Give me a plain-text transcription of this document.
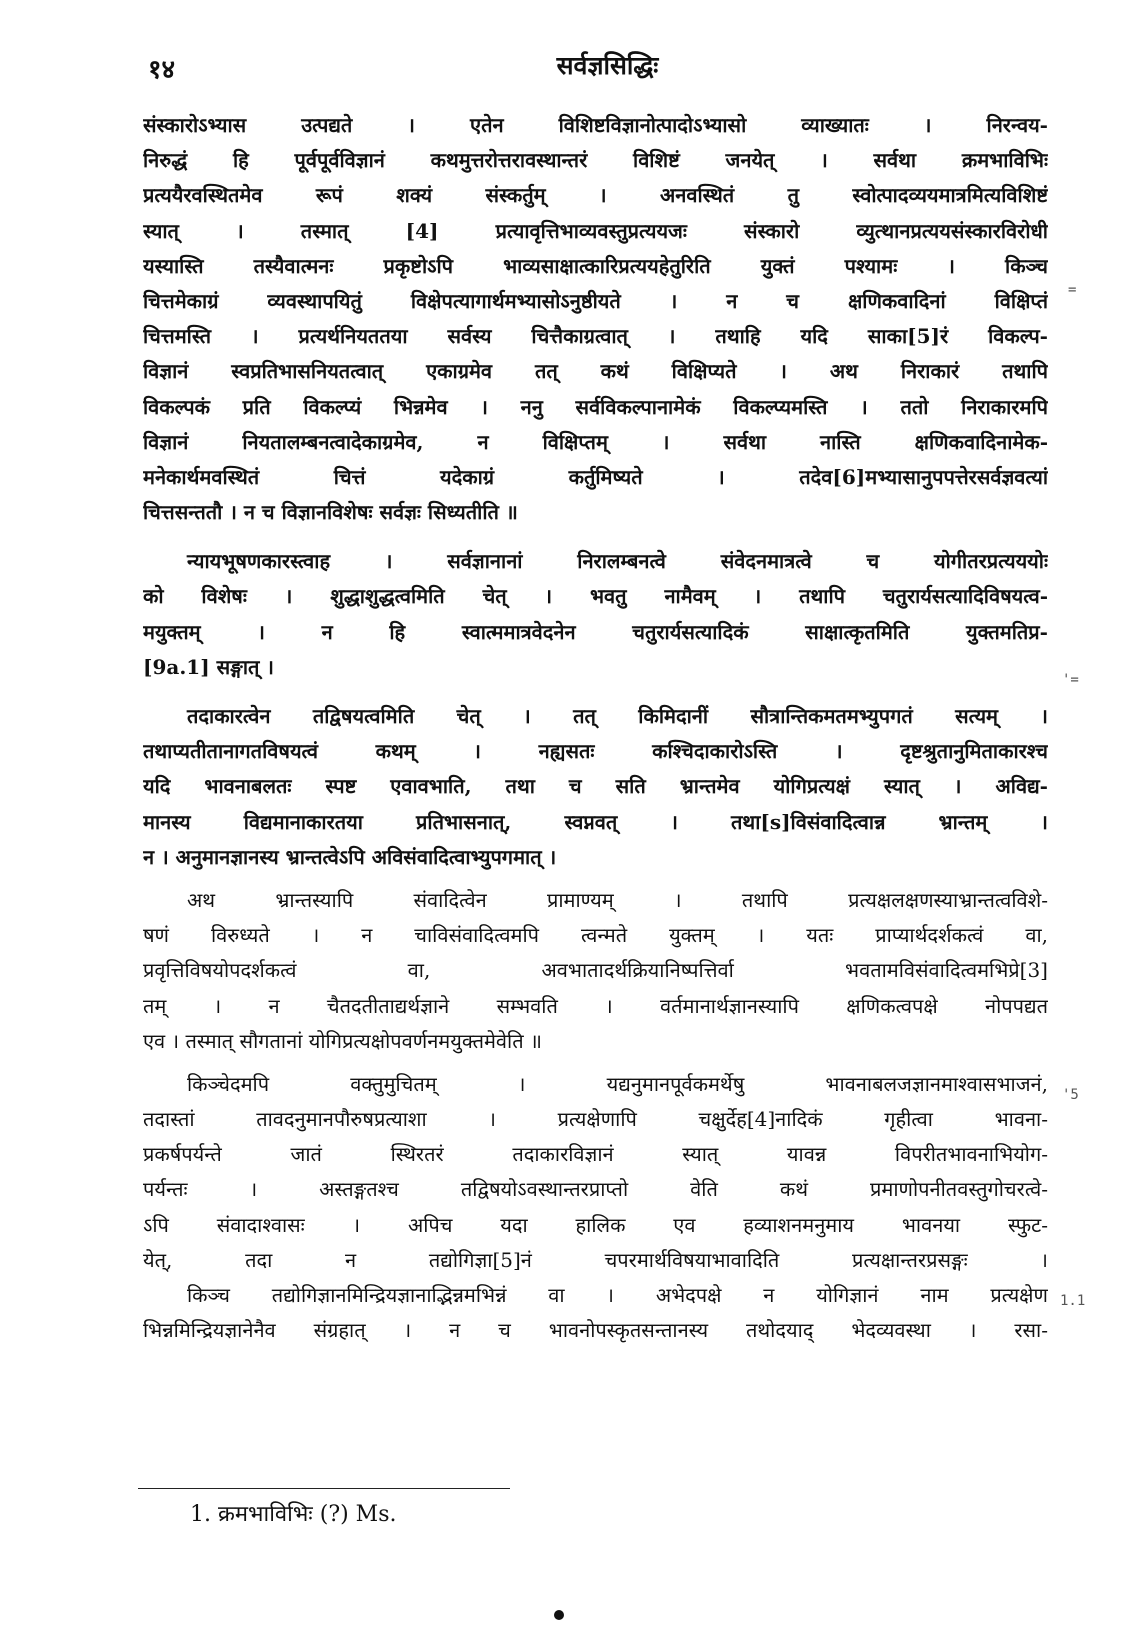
१४	सर्वज्ञसिद्धिः

संस्कारोऽभ्यास उत्पद्यते । एतेन विशिष्टविज्ञानोत्पादोऽभ्यासो व्याख्यातः । निरन्वय-

निरुद्धं हि पूर्वपूर्वविज्ञानं कथमुत्तरोत्तरावस्थान्तरं विशिष्टं जनयेत् । सर्वथा क्रमभाविभिः

प्रत्ययैरवस्थितमेव रूपं शक्यं संस्कर्तुम् । अनवस्थितं तु स्वोत्पादव्ययमात्रमित्यविशिष्टं

स्यात् । तस्मात् [4] प्रत्यावृत्तिभाव्यवस्तुप्रत्ययजः संस्कारो व्युत्थानप्रत्ययसंस्कारविरोधी

यस्यास्ति तस्यैवात्मनः प्रकृष्टोऽपि भाव्यसाक्षात्कारिप्रत्ययहेतुरिति युक्तं पश्यामः । किञ्च

चित्तमेकाग्रं व्यवस्थापयितुं विक्षेपत्यागार्थमभ्यासोऽनुष्ठीयते । न च क्षणिकवादिनां विक्षिप्तं

चित्तमस्ति । प्रत्यर्थनियततया सर्वस्य चित्तैकाग्रत्वात् । तथाहि यदि साका[5]रं विकल्प-

विज्ञानं स्वप्रतिभासनियतत्वात् एकाग्रमेव तत् कथं विक्षिप्यते । अथ निराकारं तथापि

विकल्पकं प्रति विकल्प्यं भिन्नमेव । ननु सर्वविकल्पानामेकं विकल्प्यमस्ति । ततो निराकारमपि

विज्ञानं नियतालम्बनत्वादेकाग्रमेव, न विक्षिप्तम् । सर्वथा नास्ति क्षणिकवादिनामेक-

मनेकार्थमवस्थितं चित्तं यदेकाग्रं कर्तुमिष्यते । तदेव[6]मभ्यासानुपपत्तेरसर्वज्ञवत्यां

चित्तसन्ततौ । न च विज्ञानविशेषः सर्वज्ञः सिध्यतीति ॥

न्यायभूषणकारस्त्वाह । सर्वज्ञानानां निरालम्बनत्वे संवेदनमात्रत्वे च योगीतरप्रत्यययोः

को विशेषः । शुद्धाशुद्धत्वमिति चेत् । भवतु नामैवम् । तथापि चतुरार्यसत्यादिविषयत्व-

मयुक्तम् । न हि स्वात्ममात्रवेदनेन चतुरार्यसत्यादिकं साक्षात्कृतमिति युक्तमतिप्र-

[9a.1] सङ्गात् ।

तदाकारत्वेन तद्विषयत्वमिति चेत् । तत् किमिदानीं सौत्रान्तिकमतमभ्युपगतं सत्यम् ।

तथाप्यतीतानागतविषयत्वं कथम् । नह्यसतः कश्चिदाकारोऽस्ति । दृष्टश्रुतानुमिताकारश्च

यदि भावनाबलतः स्पष्ट एवावभाति, तथा च सति भ्रान्तमेव योगिप्रत्यक्षं स्यात् । अविद्य-

मानस्य विद्यमानाकारतया प्रतिभासनात्, स्वप्नवत् । तथा[s]विसंवादित्वान्न भ्रान्तम् ।

न । अनुमानज्ञानस्य भ्रान्तत्वेऽपि अविसंवादित्वाभ्युपगमात् ।

अथ भ्रान्तस्यापि संवादित्वेन प्रामाण्यम् । तथापि प्रत्यक्षलक्षणस्याभ्रान्तत्वविशे-

षणं विरुध्यते । न चाविसंवादित्वमपि त्वन्मते युक्तम् । यतः प्राप्यार्थदर्शकत्वं वा,

प्रवृत्तिविषयोपदर्शकत्वं वा, अवभातादर्थक्रियानिष्पत्तिर्वा भवतामविसंवादित्वमभिप्रे[3]

तम् । न चैतदतीताद्यर्थज्ञाने सम्भवति । वर्तमानार्थज्ञानस्यापि क्षणिकत्वपक्षे नोपपद्यत

एव । तस्मात् सौगतानां योगिप्रत्यक्षोपवर्णनमयुक्तमेवेति ॥

किञ्चेदमपि वक्तुमुचितम् । यद्यनुमानपूर्वकमर्थेषु भावनाबलजज्ञानमाश्वासभाजनं,

तदास्तां तावदनुमानपौरुषप्रत्याशा । प्रत्यक्षेणापि चक्षुर्देह[4]नादिकं गृहीत्वा भावना-

प्रकर्षपर्यन्ते जातं स्थिरतरं तदाकारविज्ञानं स्यात् यावन्न विपरीतभावनाभियोग-

पर्यन्तः । अस्तङ्गतश्च तद्विषयोऽवस्थान्तरप्राप्तो वेति कथं प्रमाणोपनीतवस्तुगोचरत्वे-

ऽपि संवादाश्वासः । अपिच यदा हालिक एव हव्याशनमनुमाय भावनया स्फुट-

येत्, तदा न तद्योगिज्ञा[5]नं चपरमार्थविषयाभावादिति प्रत्यक्षान्तरप्रसङ्गः ।

किञ्च तद्योगिज्ञानमिन्द्रियज्ञानाद्भिन्नमभिन्नं वा । अभेदपक्षे न योगिज्ञानं नाम प्रत्यक्षेण

भिन्नमिन्द्रियज्ञानेनैव संग्रहात् । न च भावनोपस्कृतसन्तानस्य तथोदयाद् भेदव्यवस्था । रसा-

1. क्रमभाविभिः (?) Ms.
=
'=
'5
1.1
